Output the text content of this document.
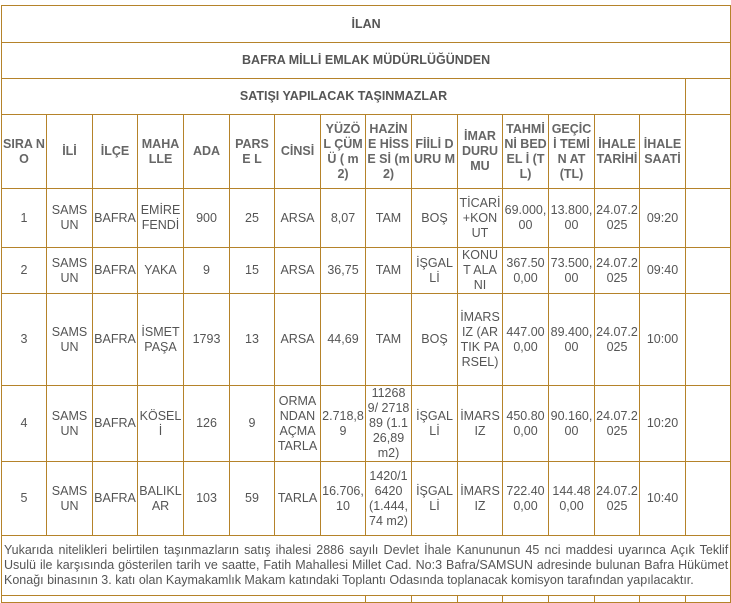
İLAN															
BAFRA MİLLİ EMLAK MÜDÜRLÜĞÜNDEN															
SATIŞI YAPILACAK TAŞINMAZLAR															
SIRA NO	İLİ	İLÇE	MAHA LLE	ADA	PARSE L	CİNSİ	YÜZÖL ÇÜMÜ ( m2)	HAZİN E HİSSE Sİ (m2)	FİİLİ DURU M	İMAR DURU MU	TAHMİ Nİ BEDEL İ (TL)	GEÇİCİ TEMİN AT (TL)	İHALE TARİHİ	İHALE SAATİ	
1	SAMSUN	BAFRA	EMİRE FENDİ	900	25	ARSA	8,07	TAM	BOŞ	TİCARİ +KONUT	69.000,00	13.800,00	24.07.2025	09:20	
2	SAMSUN	BAFRA	YAKA	9	15	ARSA	36,75	TAM	İŞGALLİ	KONUT ALANI	367.500,00	73.500,00	24.07.2025	09:40	
3	SAMSUN	BAFRA	İSMET PAŞA	1793	13	ARSA	44,69	TAM	BOŞ	İMARSIZ (ARTIK PARSEL)	447.000,00	89.400,00	24.07.2025	10:00	
4	SAMSUN	BAFRA	KÖSELİ	126	9	ORMANDAN AÇMA TARLA	2.718,89	112689/ 271889 (1.126,89 m2)	İŞGALLİ	İMARSIZ	450.800,00	90.160,00	24.07.2025	10:20	
5	SAMSUN	BAFRA	BALIKLAR	103	59	TARLA	16.706,10	1420/16420 (1.444,74 m2)	İŞGALLİ	İMARSIZ	722.400,00	144.480,00	24.07.2025	10:40	
Yukarıda nitelikleri belirtilen taşınmazların satış ihalesi 2886 sayılı Devlet İhale Kanununun 45 nci maddesi uyarınca Açık Teklif Usulü ile karşısında gösterilen tarih ve saatte, Fatih Mahallesi Millet Cad. No:3 Bafra/SAMSUN adresinde bulunan Bafra Hükümet Konağı binasının 3. katı olan Kaymakamlık Makam katındaki Toplantı Odasında toplanacak komisyon tarafından yapılacaktır.															
